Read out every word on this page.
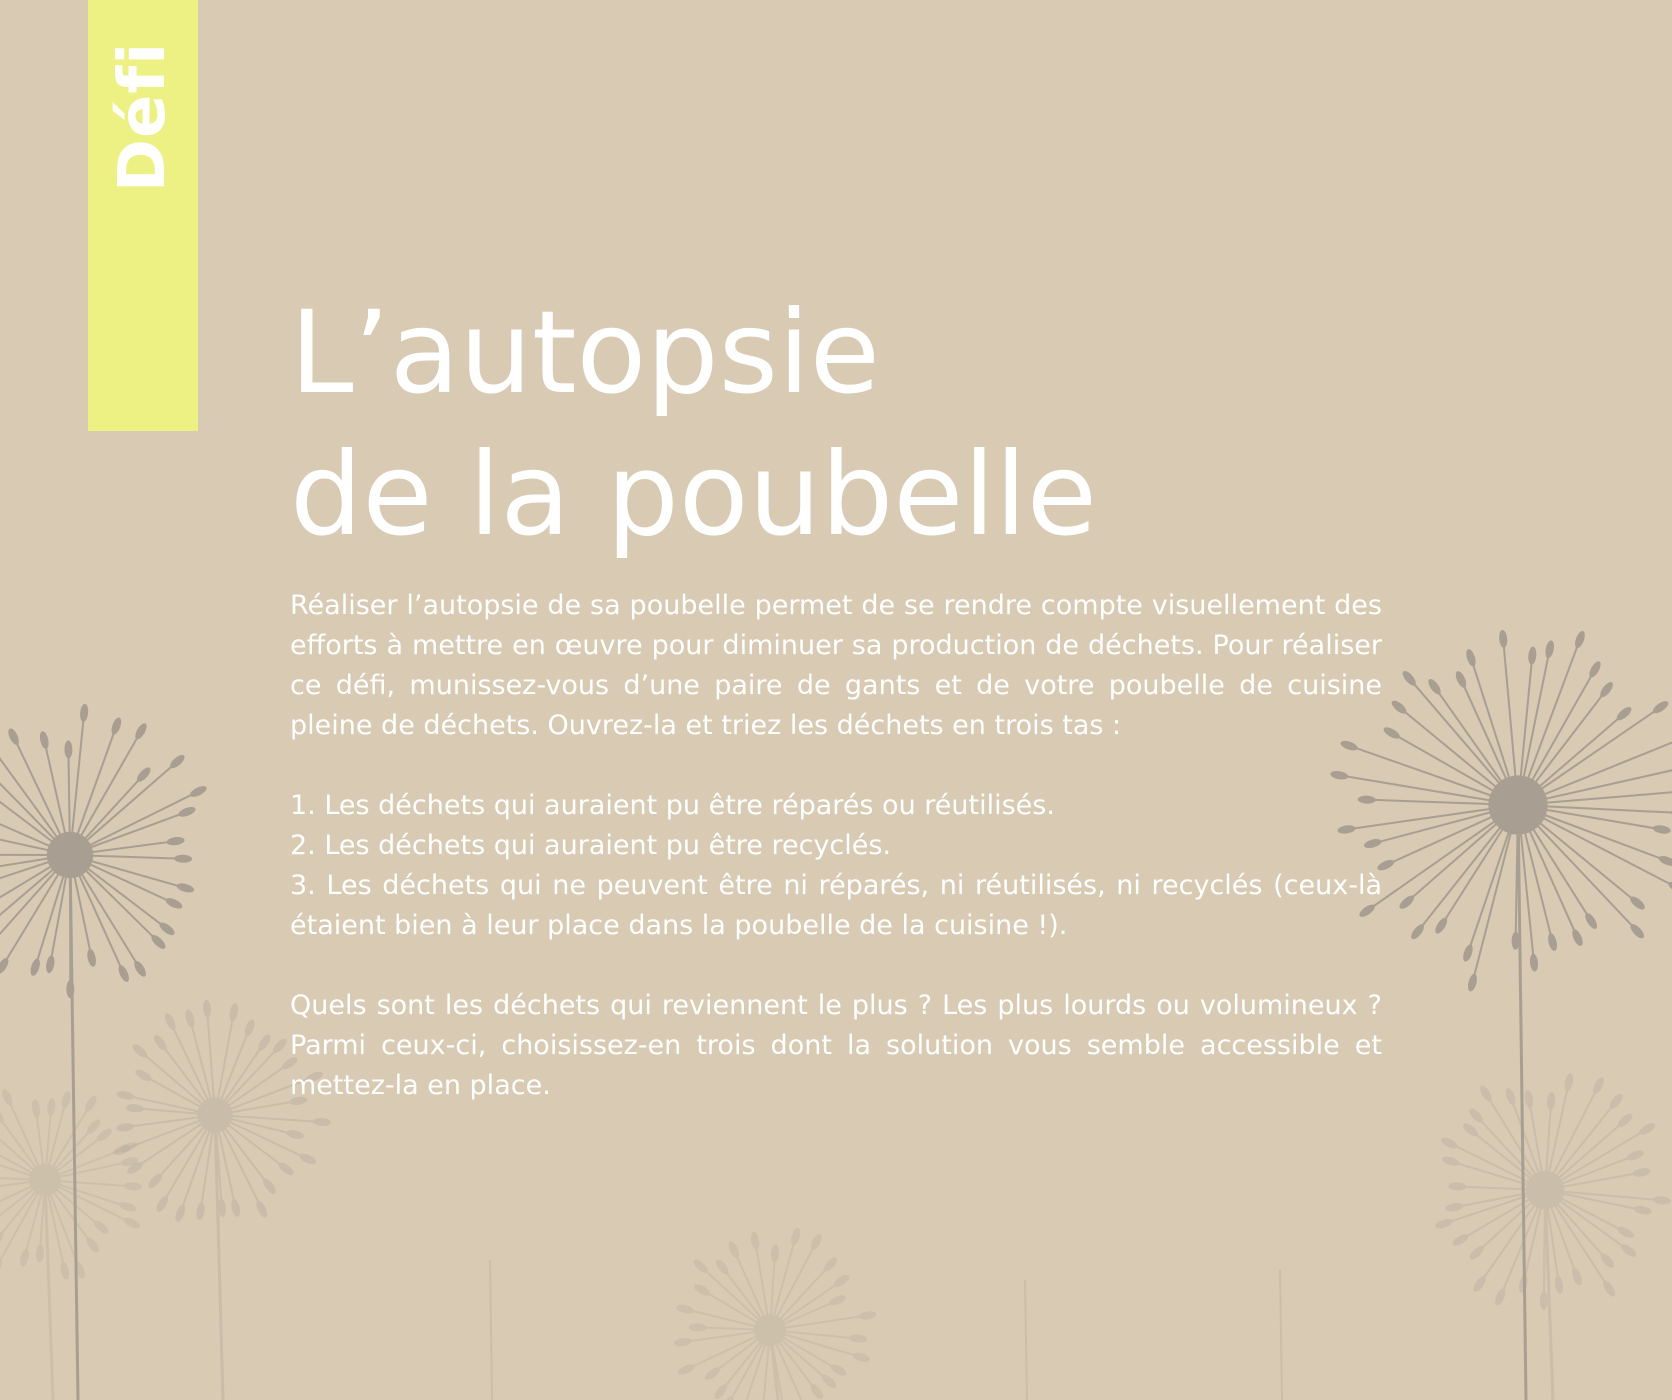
Défi
L’autopsie
de la poubelle

Réaliser l’autopsie de sa poubelle permet de se rendre compte visuellement des efforts à mettre en œuvre pour diminuer sa production de déchets. Pour réaliser ce défi, munissez-vous d’une paire de gants et de votre poubelle de cuisine pleine de déchets. Ouvrez-la et triez les déchets en trois tas :

1. Les déchets qui auraient pu être réparés ou réutilisés.
2. Les déchets qui auraient pu être recyclés.
3. Les déchets qui ne peuvent être ni réparés, ni réutilisés, ni recyclés (ceux-là étaient bien à leur place dans la poubelle de la cuisine !).

Quels sont les déchets qui reviennent le plus ? Les plus lourds ou volumineux ? Parmi ceux-ci, choisissez-en trois dont la solution vous semble accessible et mettez-la en place.
